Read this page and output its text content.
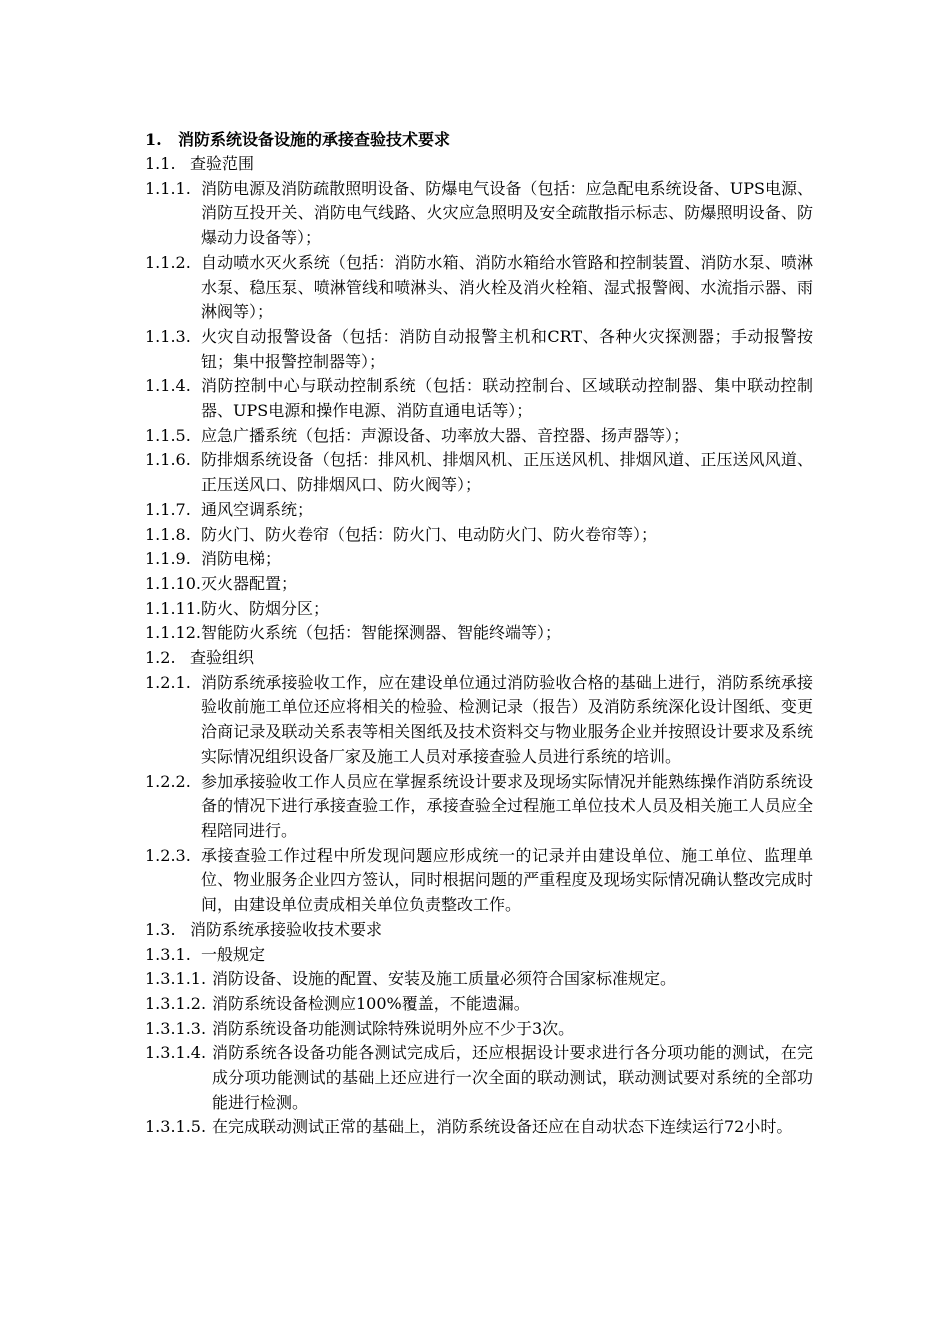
1. 消防系统设备设施的承接查验技术要求
1.1. 查验范围
1.1.1. 消防电源及消防疏散照明设备、防爆电气设备（包括：应急配电系统设备、UPS电源、消防互投开关、消防电气线路、火灾应急照明及安全疏散指示标志、防爆照明设备、防爆动力设备等）；
1.1.2. 自动喷水灭火系统（包括：消防水箱、消防水箱给水管路和控制装置、消防水泵、喷淋水泵、稳压泵、喷淋管线和喷淋头、消火栓及消火栓箱、湿式报警阀、水流指示器、雨淋阀等）；
1.1.3. 火灾自动报警设备（包括：消防自动报警主机和CRT、各种火灾探测器；手动报警按钮；集中报警控制器等）；
1.1.4. 消防控制中心与联动控制系统（包括：联动控制台、区域联动控制器、集中联动控制器、UPS电源和操作电源、消防直通电话等）；
1.1.5. 应急广播系统（包括：声源设备、功率放大器、音控器、扬声器等）；
1.1.6. 防排烟系统设备（包括：排风机、排烟风机、正压送风机、排烟风道、正压送风风道、正压送风口、防排烟风口、防火阀等）；
1.1.7. 通风空调系统；
1.1.8. 防火门、防火卷帘（包括：防火门、电动防火门、防火卷帘等）；
1.1.9. 消防电梯；
1.1.10. 灭火器配置；
1.1.11. 防火、防烟分区；
1.1.12. 智能防火系统（包括：智能探测器、智能终端等）；
1.2. 查验组织
1.2.1. 消防系统承接验收工作，应在建设单位通过消防验收合格的基础上进行，消防系统承接验收前施工单位还应将相关的检验、检测记录（报告）及消防系统深化设计图纸、变更洽商记录及联动关系表等相关图纸及技术资料交与物业服务企业并按照设计要求及系统实际情况组织设备厂家及施工人员对承接查验人员进行系统的培训。
1.2.2. 参加承接验收工作人员应在掌握系统设计要求及现场实际情况并能熟练操作消防系统设备的情况下进行承接查验工作，承接查验全过程施工单位技术人员及相关施工人员应全程陪同进行。
1.2.3. 承接查验工作过程中所发现问题应形成统一的记录并由建设单位、施工单位、监理单位、物业服务企业四方签认，同时根据问题的严重程度及现场实际情况确认整改完成时间，由建设单位责成相关单位负责整改工作。
1.3. 消防系统承接验收技术要求
1.3.1. 一般规定
1.3.1.1. 消防设备、设施的配置、安装及施工质量必须符合国家标准规定。
1.3.1.2. 消防系统设备检测应100%覆盖，不能遗漏。
1.3.1.3. 消防系统设备功能测试除特殊说明外应不少于3次。
1.3.1.4. 消防系统各设备功能各测试完成后，还应根据设计要求进行各分项功能的测试，在完成分项功能测试的基础上还应进行一次全面的联动测试，联动测试要对系统的全部功能进行检测。
1.3.1.5. 在完成联动测试正常的基础上，消防系统设备还应在自动状态下连续运行72小时。
